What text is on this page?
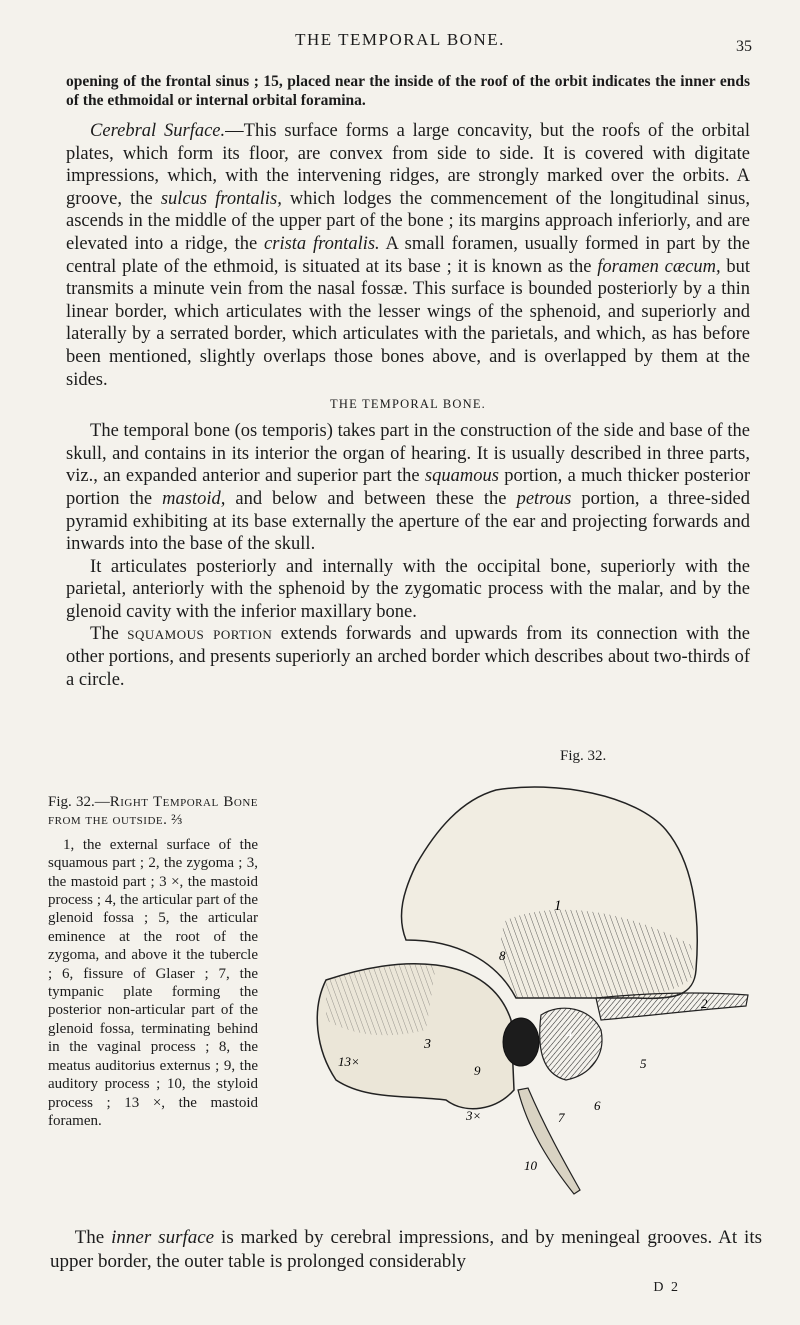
THE TEMPORAL BONE.	35

opening of the frontal sinus ; 15, placed near the inside of the roof of the orbit indicates the inner ends of the ethmoidal or internal orbital foramina.

Cerebral Surface.—This surface forms a large concavity, but the roofs of the orbital plates, which form its floor, are convex from side to side. It is covered with digitate impressions, which, with the intervening ridges, are strongly marked over the orbits. A groove, the sulcus frontalis, which lodges the commencement of the longitudinal sinus, ascends in the middle of the upper part of the bone ; its margins approach inferiorly, and are elevated into a ridge, the crista frontalis. A small foramen, usually formed in part by the central plate of the ethmoid, is situated at its base ; it is known as the foramen cæcum, but transmits a minute vein from the nasal fossæ. This surface is bounded posteriorly by a thin linear border, which articulates with the lesser wings of the sphenoid, and superiorly and laterally by a serrated border, which articulates with the parietals, and which, as has before been mentioned, slightly overlaps those bones above, and is overlapped by them at the sides.

THE TEMPORAL BONE.

The temporal bone (os temporis) takes part in the construction of the side and base of the skull, and contains in its interior the organ of hearing. It is usually described in three parts, viz., an expanded anterior and superior part the squamous portion, a much thicker posterior portion the mastoid, and below and between these the petrous portion, a three-sided pyramid exhibiting at its base externally the aperture of the ear and projecting forwards and inwards into the base of the skull.

It articulates posteriorly and internally with the occipital bone, superiorly with the parietal, anteriorly with the sphenoid by the zygomatic process with the malar, and by the glenoid cavity with the inferior maxillary bone.

The squamous portion extends forwards and upwards from its connection with the other portions, and presents superiorly an arched border which describes about two-thirds of a circle.

Fig. 32.

Fig. 32.—Right Temporal Bone from the outside. ⅔

1, the external surface of the squamous part ; 2, the zygoma ; 3, the mastoid part ; 3 ×, the mastoid process ; 4, the articular part of the glenoid fossa ; 5, the articular eminence at the root of the zygoma, and above it the tubercle ; 6, fissure of Glaser ; 7, the tympanic plate forming the posterior non-articular part of the glenoid fossa, terminating behind in the vaginal process ; 8, the meatus auditorius externus ; 9, the auditory process ; 10, the styloid process ; 13 ×, the mastoid foramen.

1
2
3
3×
4
5
6
7
8
9
10
13×

The inner surface is marked by cerebral impressions, and by meningeal grooves. At its upper border, the outer table is prolonged considerably

D 2
